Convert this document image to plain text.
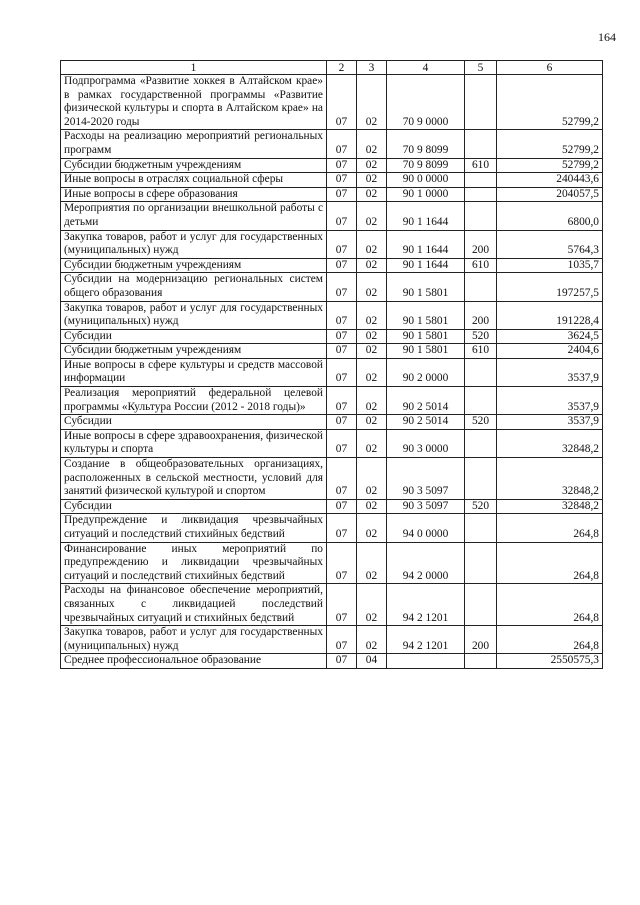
164
1	2	3	4	5	6
Подпрограмма «Развитие хоккея в Алтайском крае» в рамках государственной программы «Развитие физической культуры и спорта в Алтайском крае» на 2014-2020 годы	07	02	70 9 0000		52799,2
Расходы на реализацию мероприятий региональных программ	07	02	70 9 8099		52799,2
Субсидии бюджетным учреждениям	07	02	70 9 8099	610	52799,2
Иные вопросы в отраслях социальной сферы	07	02	90 0 0000		240443,6
Иные вопросы в сфере образования	07	02	90 1 0000		204057,5
Мероприятия по организации внешкольной работы с детьми	07	02	90 1 1644		6800,0
Закупка товаров, работ и услуг для государственных (муниципальных) нужд	07	02	90 1 1644	200	5764,3
Субсидии бюджетным учреждениям	07	02	90 1 1644	610	1035,7
Субсидии на модернизацию региональных систем общего образования	07	02	90 1 5801		197257,5
Закупка товаров, работ и услуг для государственных (муниципальных) нужд	07	02	90 1 5801	200	191228,4
Субсидии	07	02	90 1 5801	520	3624,5
Субсидии бюджетным учреждениям	07	02	90 1 5801	610	2404,6
Иные вопросы в сфере культуры и средств массовой информации	07	02	90 2 0000		3537,9
Реализация мероприятий федеральной целевой программы «Культура России (2012 - 2018 годы)»	07	02	90 2 5014		3537,9
Субсидии	07	02	90 2 5014	520	3537,9
Иные вопросы в сфере здравоохранения, физической культуры и спорта	07	02	90 3 0000		32848,2
Создание в общеобразовательных организациях, расположенных в сельской местности, условий для занятий физической культурой и спортом	07	02	90 3 5097		32848,2
Субсидии	07	02	90 3 5097	520	32848,2
Предупреждение и ликвидация чрезвычайных ситуаций и последствий стихийных бедствий	07	02	94 0 0000		264,8
Финансирование иных мероприятий по предупреждению и ликвидации чрезвычайных ситуаций и последствий стихийных бедствий	07	02	94 2 0000		264,8
Расходы на финансовое обеспечение мероприятий, связанных с ликвидацией последствий чрезвычайных ситуаций и стихийных бедствий	07	02	94 2 1201		264,8
Закупка товаров, работ и услуг для государственных (муниципальных) нужд	07	02	94 2 1201	200	264,8
Среднее профессиональное образование	07	04			2550575,3
